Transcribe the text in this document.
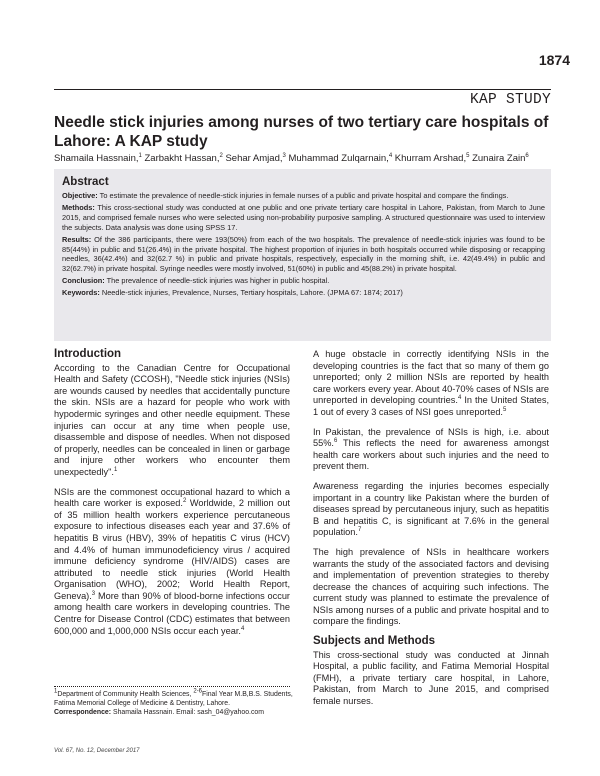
1874
KAP STUDY
Needle stick injuries among nurses of two tertiary care hospitals of Lahore: A KAP study
Shamaila Hassnain,$^1$ Zarbakht Hassan,$^2$ Sehar Amjad,$^3$ Muhammad Zulqarnain,$^4$ Khurram Arshad,$^5$ Zunaira Zain$^6$
Abstract

Objective: To estimate the prevalence of needle-stick injuries in female nurses of a public and private hospital and compare the findings.

Methods: This cross-sectional study was conducted at one public and one private tertiary care hospital in Lahore, Pakistan, from March to June 2015, and comprised female nurses who were selected using non-probability purposive sampling. A structured questionnaire was used to interview the subjects. Data analysis was done using SPSS 17.

Results: Of the 386 participants, there were 193(50%) from each of the two hospitals. The prevalence of needle-stick injuries was found to be 85(44%) in public and 51(26.4%) in the private hospital. The highest proportion of injuries in both hospitals occurred while disposing or recapping needles, 36(42.4%) and 32(62.7 %) in public and private hospitals, respectively, especially in the morning shift, i.e. 42(49.4%) in public and 32(62.7%) in private hospital. Syringe needles were mostly involved, 51(60%) in public and 45(88.2%) in private hospital.

Conclusion: The prevalence of needle-stick injuries was higher in public hospital.

Keywords: Needle-stick injuries, Prevalence, Nurses, Tertiary hospitals, Lahore. (JPMA 67: 1874; 2017)

Introduction

According to the Canadian Centre for Occupational Health and Safety (CCOSH), "Needle stick injuries (NSIs) are wounds caused by needles that accidentally puncture the skin. NSIs are a hazard for people who work with hypodermic syringes and other needle equipment. These injuries can occur at any time when people use, disassemble and dispose of needles. When not disposed of properly, needles can be concealed in linen or garbage and injure other workers who encounter them unexpectedly".$^1$

NSIs are the commonest occupational hazard to which a health care worker is exposed.$^2$ Worldwide, 2 million out of 35 million health workers experience percutaneous exposure to infectious diseases each year and 37.6% of hepatitis B virus (HBV), 39% of hepatitis C virus (HCV) and 4.4% of human immunodeficiency virus / acquired immune deficiency syndrome (HIV/AIDS) cases are attributed to needle stick injuries (World Health Organisation (WHO), 2002; World Health Report, Geneva).$^3$ More than 90% of blood-borne infections occur among health care workers in developing countries. The Centre for Disease Control (CDC) estimates that between 600,000 and 1,000,000 NSIs occur each year.$^4$

$^1$Department of Community Health Sciences, $^{2-6}$Final Year M.B,B.S. Students,

Fatima Memorial College of Medicine & Dentistry, Lahore.

Correspondence: Shamaila Hassnain. Email: sash_04@yahoo.com

A huge obstacle in correctly identifying NSIs in the developing countries is the fact that so many of them go unreported; only 2 million NSIs are reported by health care workers every year. About 40-70% cases of NSIs are unreported in developing countries.$^4$ In the United States, 1 out of every 3 cases of NSI goes unreported.$^5$

In Pakistan, the prevalence of NSIs is high, i.e. about 55%.$^6$ This reflects the need for awareness amongst health care workers about such injuries and the need to prevent them.

Awareness regarding the injuries becomes especially important in a country like Pakistan where the burden of diseases spread by percutaneous injury, such as hepatitis B and hepatitis C, is significant at 7.6% in the general population.$^7$

The high prevalence of NSIs in healthcare workers warrants the study of the associated factors and devising and implementation of prevention strategies to thereby decrease the chances of acquiring such infections. The current study was planned to estimate the prevalence of NSIs among nurses of a public and private hospital and to compare the findings.

Subjects and Methods

This cross-sectional study was conducted at Jinnah Hospital, a public facility, and Fatima Memorial Hospital (FMH), a private tertiary care hospital, in Lahore, Pakistan, from March to June 2015, and comprised female nurses.

Vol. 67, No. 12, December 2017
